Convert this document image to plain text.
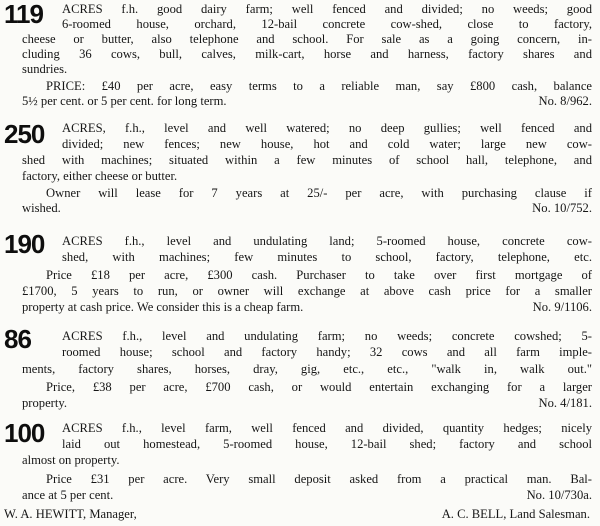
119 ACRES f.h. good dairy farm; well fenced and divided; no weeds; good
6-roomed house, orchard, 12-bail concrete cow-shed, close to factory,
cheese or butter, also telephone and school. For sale as a going concern, in-
cluding 36 cows, bull, calves, milk-cart, horse and harness, factory shares and
sundries.
PRICE: £40 per acre, easy terms to a reliable man, say £800 cash, balance
5½ per cent. or 5 per cent. for long term.	No. 8/962.
250 ACRES, f.h., level and well watered; no deep gullies; well fenced and
divided; new fences; new house, hot and cold water; large new cow-
shed with machines; situated within a few minutes of school hall, telephone, and
factory, either cheese or butter.
Owner will lease for 7 years at 25/- per acre, with purchasing clause if
wished.	No. 10/752.
190 ACRES f.h., level and undulating land; 5-roomed house, concrete cow-
shed, with machines; few minutes to school, factory, telephone, etc.
Price £18 per acre, £300 cash. Purchaser to take over first mortgage of
£1700, 5 years to run, or owner will exchange at above cash price for a smaller
property at cash price. We consider this is a cheap farm.	No. 9/1106.
86 ACRES f.h., level and undulating farm; no weeds; concrete cowshed; 5-
roomed house; school and factory handy; 32 cows and all farm imple-
ments, factory shares, horses, dray, gig, etc., etc., "walk in, walk out."
Price, £38 per acre, £700 cash, or would entertain exchanging for a larger
property.	No. 4/181.
100 ACRES f.h., level farm, well fenced and divided, quantity hedges; nicely
laid out homestead, 5-roomed house, 12-bail shed; factory and school
almost on property.
Price £31 per acre. Very small deposit asked from a practical man. Bal-
ance at 5 per cent.	No. 10/730a.
W. A. HEWITT, Manager,	A. C. BELL, Land Salesman.
